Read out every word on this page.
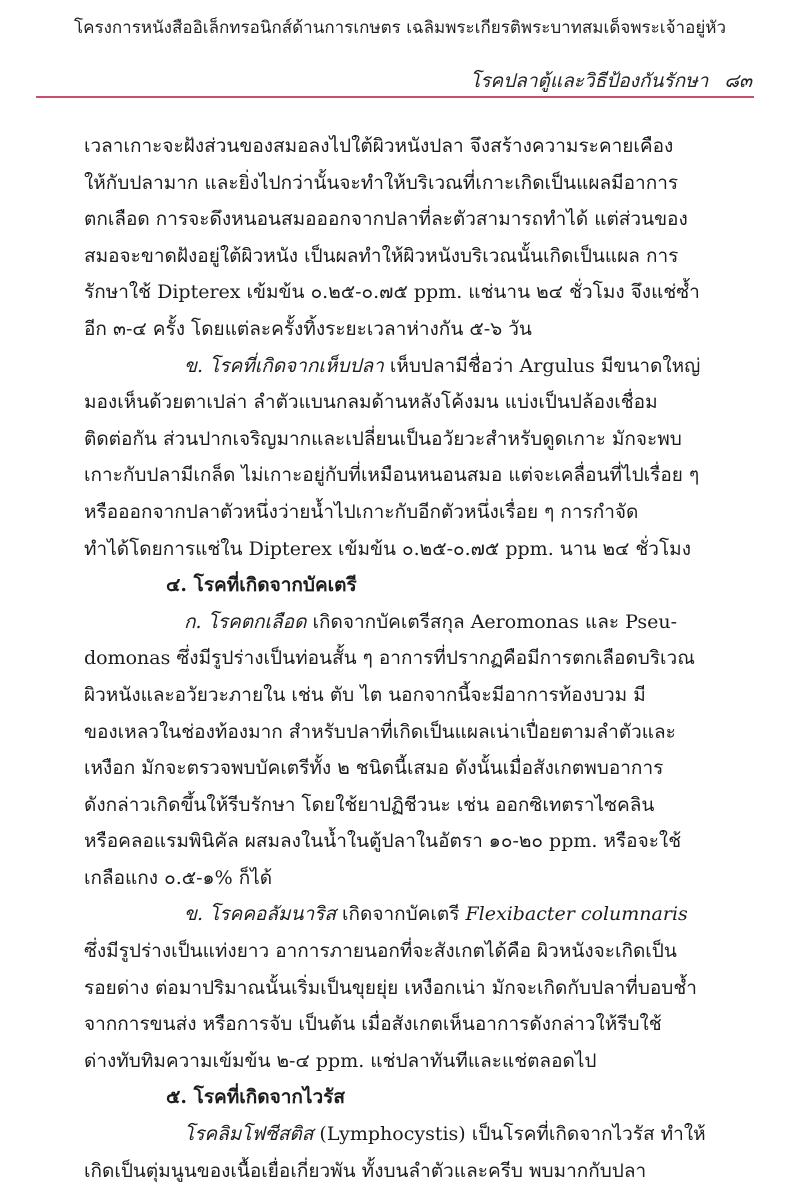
โครงการหนังสืออิเล็กทรอนิกส์ด้านการเกษตร เฉลิมพระเกียรติพระบาทสมเด็จพระเจ้าอยู่หัว
โรคปลาตู้และวิธีป้องกันรักษา ๘๓
เวลาเกาะจะฝังส่วนของสมอลงไปใต้ผิวหนังปลา จึงสร้างความระคายเคือง
ให้กับปลามาก และยิ่งไปกว่านั้นจะทำให้บริเวณที่เกาะเกิดเป็นแผลมีอาการ
ตกเลือด การจะดึงหนอนสมอออกจากปลาที่ละตัวสามารถทำได้ แต่ส่วนของ
สมอจะขาดฝังอยู่ใต้ผิวหนัง เป็นผลทำให้ผิวหนังบริเวณนั้นเกิดเป็นแผล การ
รักษาใช้ Dipterex เข้มข้น ๐.๒๕-๐.๗๕ ppm. แช่นาน ๒๔ ชั่วโมง จึงแช่ซ้ำ
อีก ๓-๔ ครั้ง โดยแต่ละครั้งทิ้งระยะเวลาห่างกัน ๕-๖ วัน
ข. โรคที่เกิดจากเห็บปลา เห็บปลามีชื่อว่า Argulus มีขนาดใหญ่
มองเห็นด้วยตาเปล่า ลำตัวแบนกลมด้านหลังโค้งมน แบ่งเป็นปล้องเชื่อม
ติดต่อกัน ส่วนปากเจริญมากและเปลี่ยนเป็นอวัยวะสำหรับดูดเกาะ มักจะพบ
เกาะกับปลามีเกล็ด ไม่เกาะอยู่กับที่เหมือนหนอนสมอ แต่จะเคลื่อนที่ไปเรื่อย ๆ
หรือออกจากปลาตัวหนึ่งว่ายน้ำไปเกาะกับอีกตัวหนึ่งเรื่อย ๆ การกำจัด
ทำได้โดยการแช่ใน Dipterex เข้มข้น ๐.๒๕-๐.๗๕ ppm. นาน ๒๔ ชั่วโมง
๔. โรคที่เกิดจากบัคเตรี
ก. โรคตกเลือด เกิดจากบัคเตรีสกุล Aeromonas และ Pseu-
domonas ซึ่งมีรูปร่างเป็นท่อนสั้น ๆ อาการที่ปรากฏคือมีการตกเลือดบริเวณ
ผิวหนังและอวัยวะภายใน เช่น ตับ ไต นอกจากนี้จะมีอาการท้องบวม มี
ของเหลวในช่องท้องมาก สำหรับปลาที่เกิดเป็นแผลเน่าเปื่อยตามลำตัวและ
เหงือก มักจะตรวจพบบัคเตรีทั้ง ๒ ชนิดนี้เสมอ ดังนั้นเมื่อสังเกตพบอาการ
ดังกล่าวเกิดขึ้นให้รีบรักษา โดยใช้ยาปฏิชีวนะ เช่น ออกซิเทตราไซคลิน
หรือคลอแรมพินิคัล ผสมลงในน้ำในตู้ปลาในอัตรา ๑๐-๒๐ ppm. หรือจะใช้
เกลือแกง ๐.๕-๑% ก็ได้
ข. โรคคอลัมนาริส เกิดจากบัคเตรี Flexibacter columnaris
ซึ่งมีรูปร่างเป็นแท่งยาว อาการภายนอกที่จะสังเกตได้คือ ผิวหนังจะเกิดเป็น
รอยด่าง ต่อมาปริมาณนั้นเริ่มเป็นขุยยุ่ย เหงือกเน่า มักจะเกิดกับปลาที่บอบช้ำ
จากการขนส่ง หรือการจับ เป็นต้น เมื่อสังเกตเห็นอาการดังกล่าวให้รีบใช้
ด่างทับทิมความเข้มข้น ๒-๔ ppm. แช่ปลาทันทีและแช่ตลอดไป
๕. โรคที่เกิดจากไวรัส
โรคลิมโฟซีสติส (Lymphocystis) เป็นโรคที่เกิดจากไวรัส ทำให้
เกิดเป็นตุ่มนูนของเนื้อเยื่อเกี่ยวพัน ทั้งบนลำตัวและครีบ พบมากกับปลา
